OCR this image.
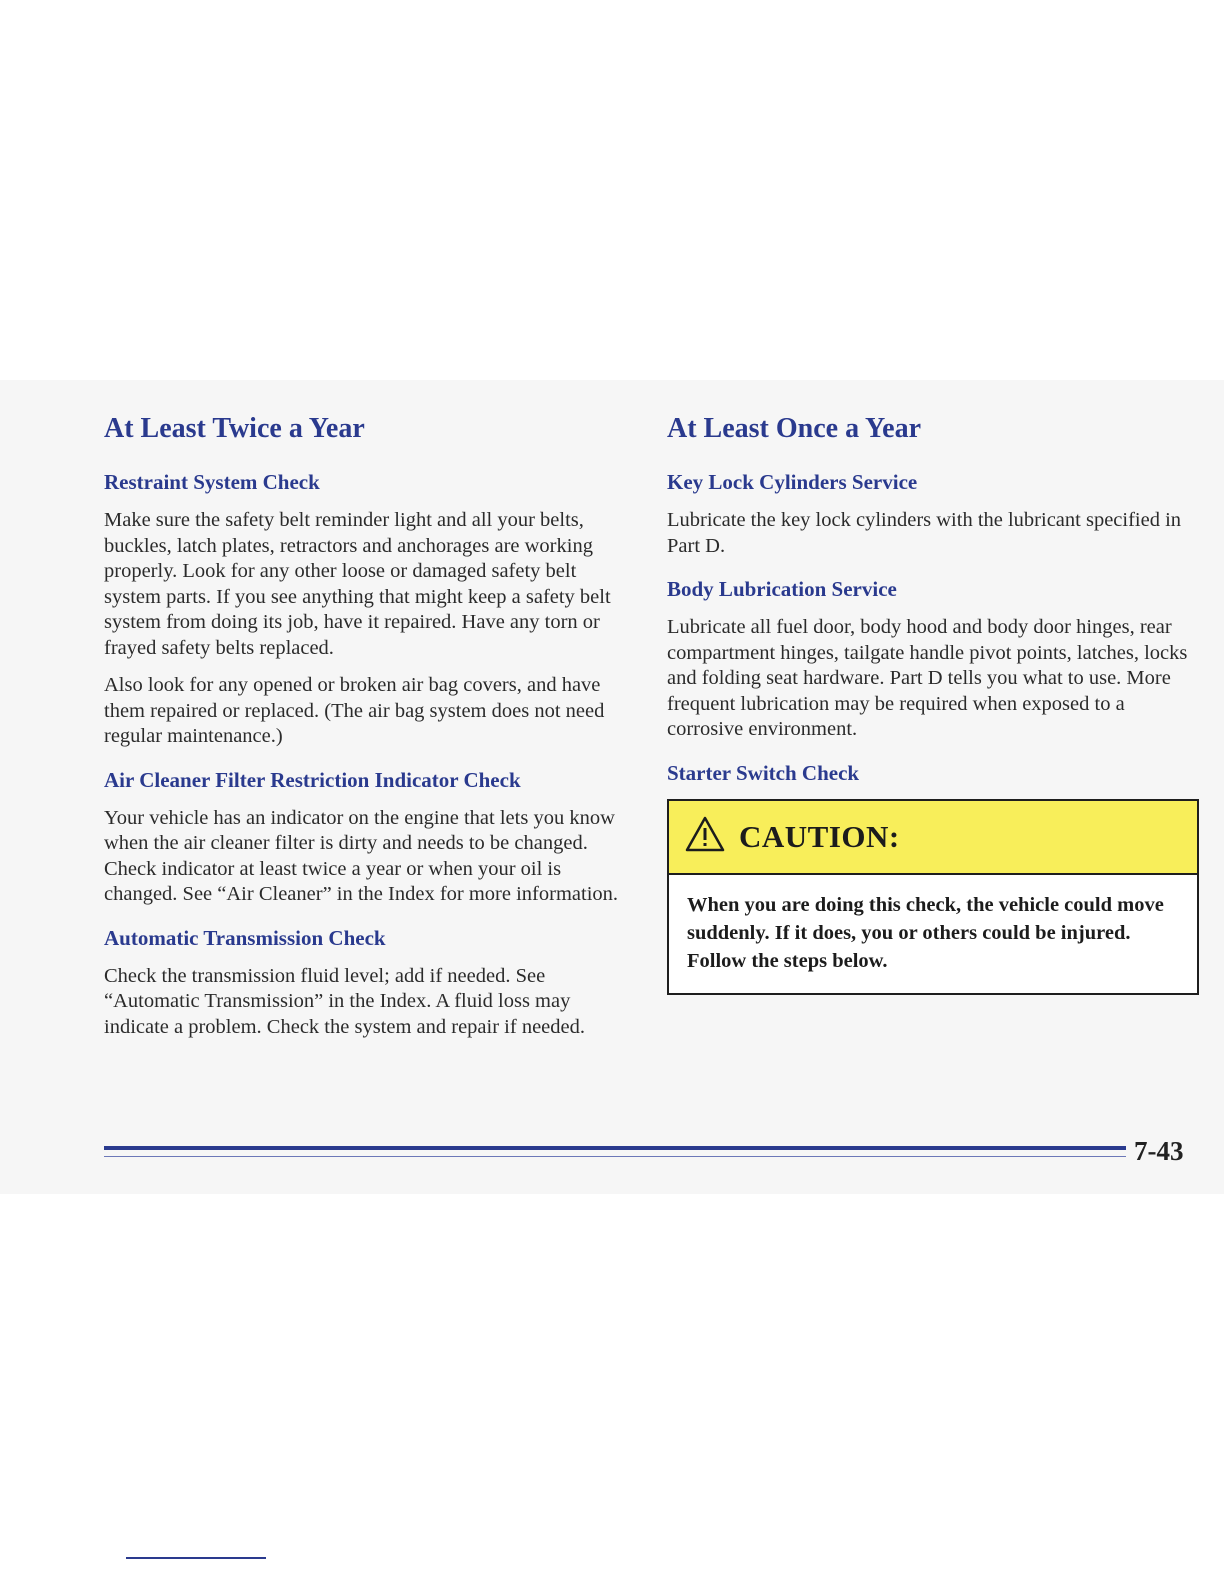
At Least Twice a Year
Restraint System Check

Make sure the safety belt reminder light and all your belts, buckles, latch plates, retractors and anchorages are working properly. Look for any other loose or damaged safety belt system parts. If you see anything that might keep a safety belt system from doing its job, have it repaired. Have any torn or frayed safety belts replaced.

Also look for any opened or broken air bag covers, and have them repaired or replaced. (The air bag system does not need regular maintenance.)

Air Cleaner Filter Restriction Indicator Check

Your vehicle has an indicator on the engine that lets you know when the air cleaner filter is dirty and needs to be changed. Check indicator at least twice a year or when your oil is changed. See “Air Cleaner” in the Index for more information.

Automatic Transmission Check

Check the transmission fluid level; add if needed. See “Automatic Transmission” in the Index. A fluid loss may indicate a problem. Check the system and repair if needed.

At Least Once a Year
Key Lock Cylinders Service

Lubricate the key lock cylinders with the lubricant specified in Part D.

Body Lubrication Service

Lubricate all fuel door, body hood and body door hinges, rear compartment hinges, tailgate handle pivot points, latches, locks and folding seat hardware. Part D tells you what to use. More frequent lubrication may be required when exposed to a corrosive environment.

Starter Switch Check
CAUTION:
When you are doing this check, the vehicle could move suddenly. If it does, you or others could be injured. Follow the steps below.
7-43
